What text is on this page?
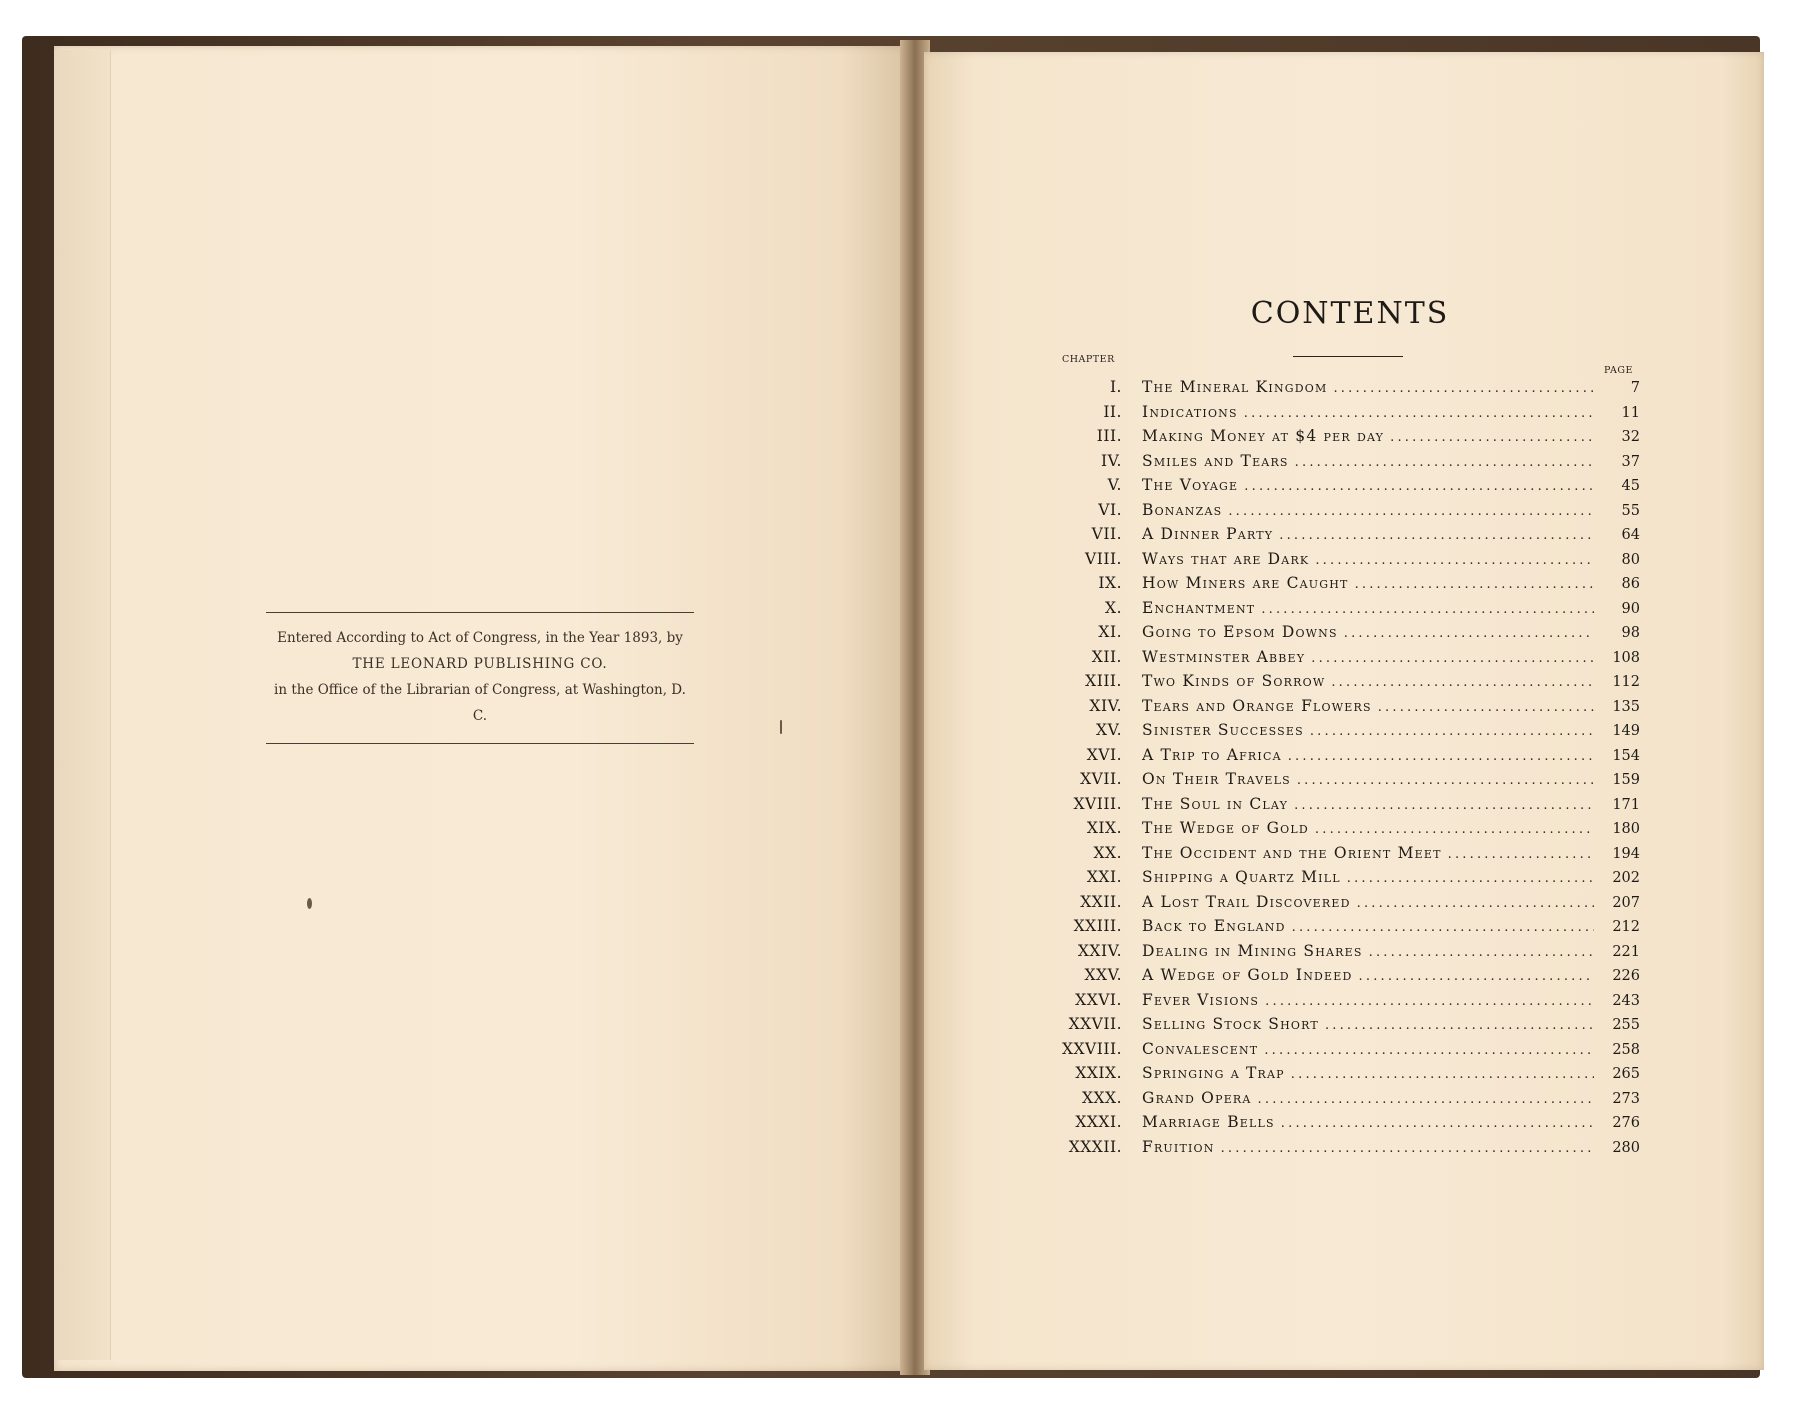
Entered According to Act of Congress, in the Year 1893, by
THE LEONARD PUBLISHING CO.
in the Office of the Librarian of Congress, at Washington, D. C.
CONTENTS
CHAPTER
PAGE
I.	The Mineral Kingdom .....	7
II.	Indications .....	11
III.	Making Money at $4 per day .....	32
IV.	Smiles and Tears .....	37
V.	The Voyage .....	45
VI.	Bonanzas .....	55
VII.	A Dinner Party .....	64
VIII.	Ways that are Dark .....	80
IX.	How Miners are Caught .....	86
X.	Enchantment .....	90
XI.	Going to Epsom Downs .....	98
XII.	Westminster Abbey .....	108
XIII.	Two Kinds of Sorrow .....	112
XIV.	Tears and Orange Flowers .....	135
XV.	Sinister Successes .....	149
XVI.	A Trip to Africa .....	154
XVII.	On Their Travels .....	159
XVIII.	The Soul in Clay .....	171
XIX.	The Wedge of Gold .....	180
XX.	The Occident and the Orient Meet .....	194
XXI.	Shipping a Quartz Mill .....	202
XXII.	A Lost Trail Discovered .....	207
XXIII.	Back to England .....	212
XXIV.	Dealing in Mining Shares .....	221
XXV.	A Wedge of Gold Indeed .....	226
XXVI.	Fever Visions .....	243
XXVII.	Selling Stock Short .....	255
XXVIII.	Convalescent .....	258
XXIX.	Springing a Trap .....	265
XXX.	Grand Opera .....	273
XXXI.	Marriage Bells .....	276
XXXII.	Fruition .....	280
